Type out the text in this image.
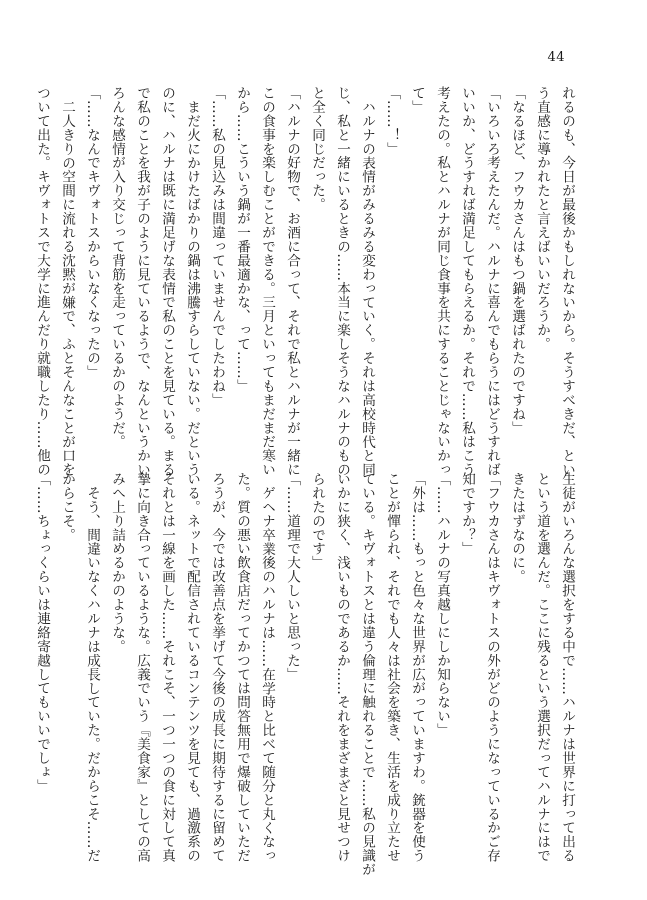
44
れるのも、今日が最後かもしれないから。そうすべきだ、とい
う直感に導かれたと言えばいいだろうか。
「なるほど、フウカさんはもつ鍋を選ばれたのですね」
「いろいろ考えたんだ。ハルナに喜んでもらうにはどうすれば
いいか、どうすれば満足してもらえるか。それで……私はこう
考えたの。私とハルナが同じ食事を共にすることじゃないかっ
て」
「……！」
ハルナの表情がみるみる変わっていく。それは高校時代と同
じ、私と一緒にいるときの……本当に楽しそうなハルナのもの
と全く同じだった。
「ハルナの好物で、お酒に合って、それで私とハルナが一緒に
この食事を楽しむことができる。三月といってもまだまだ寒い
から……こういう鍋が一番最適かな、って……」
「……私の見込みは間違っていませんでしたわね」
まだ火にかけたばかりの鍋は沸騰すらしていない。だという
のに、ハルナは既に満足げな表情で私のことを見ている。まる
で私のことを我が子のように見ているようで、なんというかい
ろんな感情が入り交じって背筋を走っているかのようだ。
「……なんでキヴォトスからいなくなったの」
二人きりの空間に流れる沈黙が嫌で、ふとそんなことが口を
ついて出た。キヴォトスで大学に進んだり就職したり……他の
生徒がいろんな選択をする中で……ハルナは世界に打って出る
という道を選んだ。ここに残るという選択だってハルナにはで
きたはずなのに。
「フウカさんはキヴォトスの外がどのようになっているかご存
知ですか？」
「……ハルナの写真越しにしか知らない」
「外は……もっと色々な世界が広がっていますわ。銃器を使う
ことが憚られ、それでも人々は社会を築き、生活を成り立たせ
ている。キヴォトスとは違う倫理に触れることで……私の見識が
いかに狭く、浅いものであるか……それをまざまざと見せつけ
られたのです」
「……道理で大人しいと思った」
ゲヘナ卒業後のハルナは……在学時と比べて随分と丸くなっ
た。質の悪い飲食店だってかつては問答無用で爆破していただ
ろうが、今では改善点を挙げて今後の成長に期待するに留めて
いる。ネットで配信されているコンテンツを見ても、過激系の
それとは一線を画した……それこそ、一つ一つの食に対して真
摯に向き合っているような。広義でいう『美食家』としての高
みへ上り詰めるかのような。
そう、間違いなくハルナは成長していた。だからこそ……だ
からこそ。
「……ちょっくらいは連絡寄越してもいいでしょ」
